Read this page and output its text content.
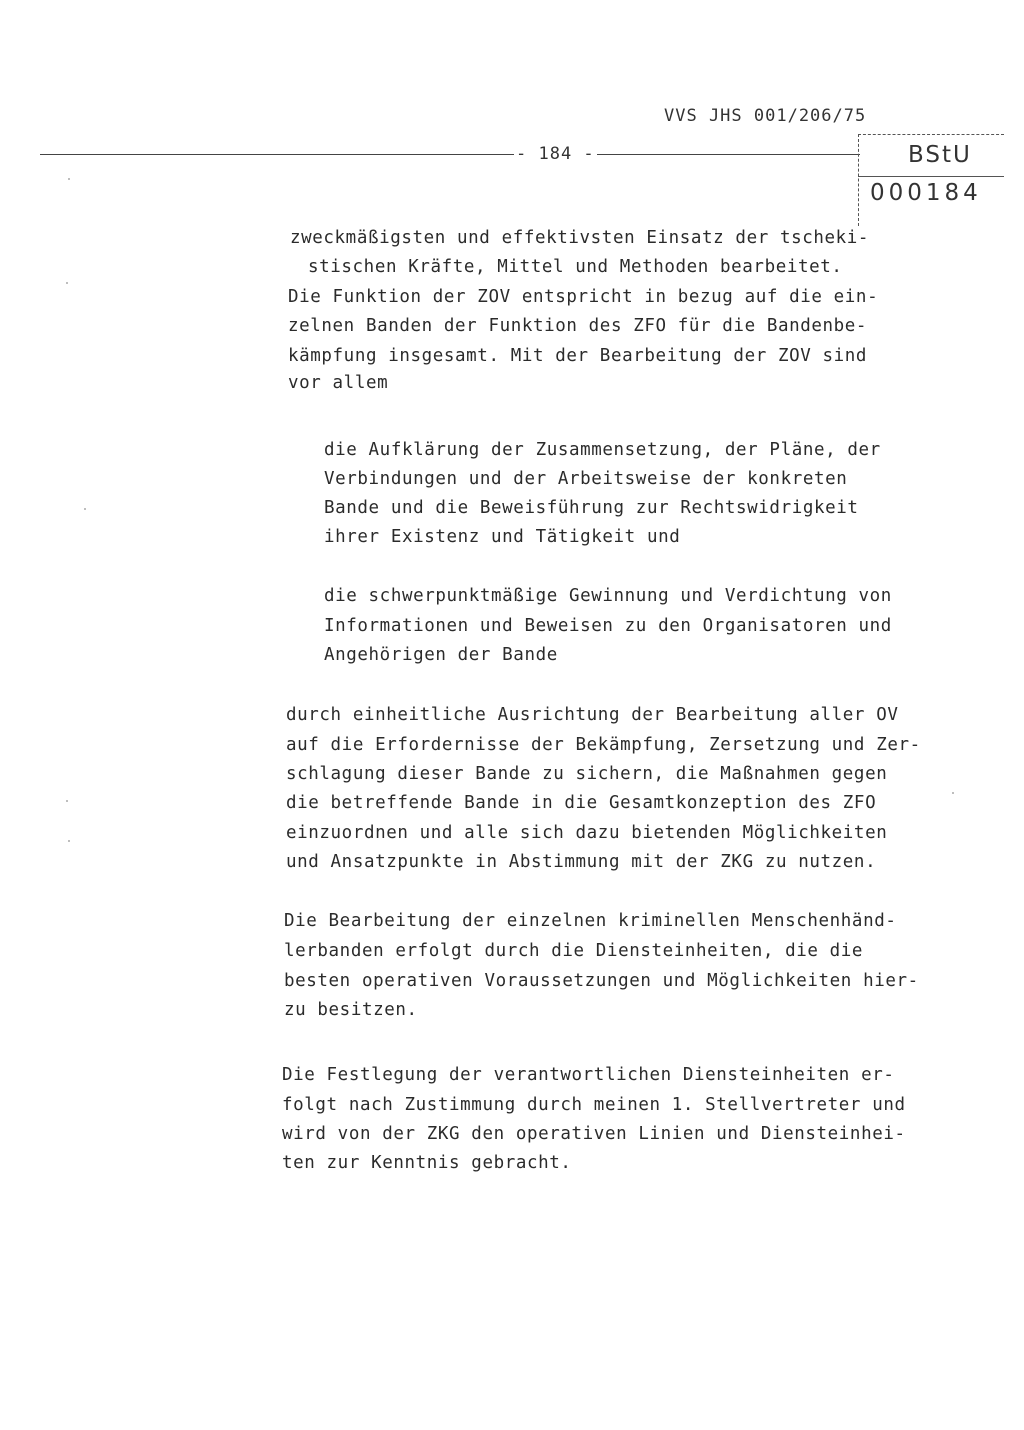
VVS JHS 001/206/75
- 184 -	BStU
000184
zweckmäßigsten und effektivsten Einsatz der tscheki-
stischen Kräfte, Mittel und Methoden bearbeitet.
Die Funktion der ZOV entspricht in bezug auf die ein-
zelnen Banden der Funktion des ZFO für die Bandenbe-
kämpfung insgesamt. Mit der Bearbeitung der ZOV sind
vor allem
die Aufklärung der Zusammensetzung, der Pläne, der
Verbindungen und der Arbeitsweise der konkreten
Bande und die Beweisführung zur Rechtswidrigkeit
ihrer Existenz und Tätigkeit und
die schwerpunktmäßige Gewinnung und Verdichtung von
Informationen und Beweisen zu den Organisatoren und
Angehörigen der Bande
durch einheitliche Ausrichtung der Bearbeitung aller OV
auf die Erfordernisse der Bekämpfung, Zersetzung und Zer-
schlagung dieser Bande zu sichern, die Maßnahmen gegen
die betreffende Bande in die Gesamtkonzeption des ZFO
einzuordnen und alle sich dazu bietenden Möglichkeiten
und Ansatzpunkte in Abstimmung mit der ZKG zu nutzen.
Die Bearbeitung der einzelnen kriminellen Menschenhänd-
lerbanden erfolgt durch die Diensteinheiten, die die
besten operativen Voraussetzungen und Möglichkeiten hier-
zu besitzen.
Die Festlegung der verantwortlichen Diensteinheiten er-
folgt nach Zustimmung durch meinen 1. Stellvertreter und
wird von der ZKG den operativen Linien und Diensteinhei-
ten zur Kenntnis gebracht.
